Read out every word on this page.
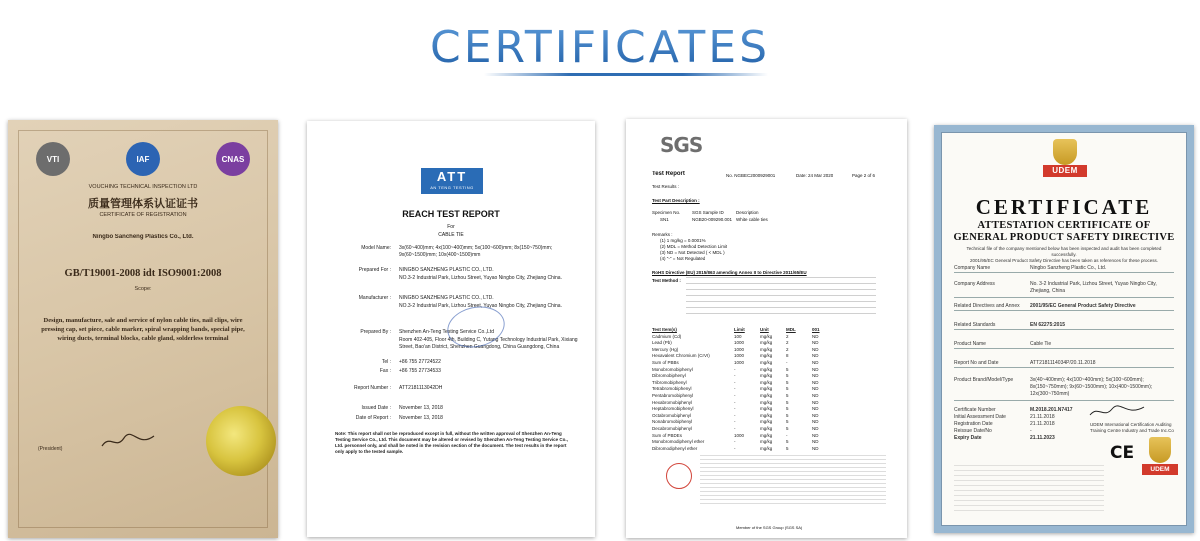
CERTIFICATES
VTI	IAF	CNAS
VOUCHING TECHNICAL INSPECTION LTD
质量管理体系认证证书
CERTIFICATE OF REGISTRATION
Ningbo Sancheng Plastics Co., Ltd.
GB/T19001-2008 idt ISO9001:2008
Scope:
Design, manufacture, sale and service of nylon cable ties, nail clips, wire pressing cap, set piece, cable marker, spiral wrapping bands, special pipe, wiring ducts, terminal blocks, cable gland, solderless terminal
(President)
ATT
AN TENG TESTING
REACH TEST REPORT
For
CABLE TIE
Model Name:	3x(60~400)mm; 4x(100~400)mm; 5x(100~600)mm; 8x(150~750)mm; 9x(60~1500)mm; 10x(400~1500)mm
Prepared For :	NINGBO SANZHENG PLASTIC CO., LTD.
NO.3-2 Industrial Park, Lizhou Street, Yuyao Ningbo City, Zhejiang China.
Manufacturer :	NINGBO SANZHENG PLASTIC CO., LTD.
NO.3-2 Industrial Park, Lizhou Street, Yuyao Ningbo City, Zhejiang China.
Prepared By :	Shenzhen An-Teng Testing Service Co.,Ltd
Room 402-405, Floor 4th, Building C, Yutang Technology Industrial Park, Xixiang Street, Bao'an District, Shenzhen Guangdong, China Guangdong, China
Tel :	+86 755 27724522
Fax :	+86 755 27734533
Report Number :	ATT2181113042DH
Issued Date :	November 13, 2018
Date of Report :	November 13, 2018
Note: This report shall not be reproduced except in full, without the written approval of Shenzhen An-Teng Testing Service Co., Ltd. This document may be altered or revised by Shenzhen An-Teng Testing Service Co., Ltd. personnel only, and shall be noted in the revision section of the document. The test results in the report only apply to the tested sample.
SGS
Test Report	No. NGBEC2000929001	Date: 24 Mar 2020	Page 2 of 6
Test Results :
Test Part Description :
Specimen No.	SGS Sample ID	Description
SN1	NGB20-009290.001 White cable ties
Remarks :
(1) 1 mg/kg = 0.0001%
(2) MDL = Method Detection Limit
(3) ND = Not Detected ( < MDL )
(4) "-" = Not Regulated
RoHS Directive (EU) 2015/863 amending Annex II to Directive 2011/65/EU
Test Method :
Test Item(s)	Limit	Unit	MDL	001
Cadmium (Cd)	100	mg/kg	2	ND
Lead (Pb)	1000	mg/kg	2	ND
Mercury (Hg)	1000	mg/kg	2	ND
Hexavalent Chromium (CrVI)	1000	mg/kg	8	ND
Sum of PBBs	1000	mg/kg	-	ND
Monobromobiphenyl	-	mg/kg	5	ND
Dibromobiphenyl	-	mg/kg	5	ND
Tribromobiphenyl	-	mg/kg	5	ND
Tetrabromobiphenyl	-	mg/kg	5	ND
Pentabromobiphenyl	-	mg/kg	5	ND
Hexabromobiphenyl	-	mg/kg	5	ND
Heptabromobiphenyl	-	mg/kg	5	ND
Octabromobiphenyl	-	mg/kg	5	ND
Nonabromobiphenyl	-	mg/kg	5	ND
Decabromobiphenyl	-	mg/kg	5	ND
Sum of PBDEs	1000	mg/kg	-	ND
Monobromodiphenyl ether	-	mg/kg	5	ND
Dibromodiphenyl ether	-	mg/kg	5	ND
Member of the SGS Group (SGS SA)
UDEM
CERTIFICATE
ATTESTATION CERTIFICATE OF
GENERAL PRODUCT SAFETY DIRECTIVE
Technical file of the company mentioned below has been inspected and audit has been completed successfully.
2001/95/EC General Product Safety Directive has been taken as references for these process.
Company Name	Ningbo Sanzheng Plastic Co., Ltd.
Company Address	No. 3-2 Industrial Park, Lizhou Street, Yuyao Ningbo City, Zhejiang, China
Related Directives and Annex	2001/95/EC General Product Safety Directive
Related Standards	EN 62275:2015
Product Name	Cable Tie
Report No and Date	ATT2181114034P/20.11.2018
Product Brand/Model/Type	3x(40~400mm); 4x(100~400mm); 5x(100~600mm); 8x(150~750mm); 9x(60~1500mm); 10x(400~1500mm); 12x(300~750mm)
Certificate Number	M.2018.201.N7417
Initial Assessment Date	21.11.2018
Registration Date	21.11.2018
Reissue Date/No	-
Expiry Date	21.11.2023
UDEM International Certification Auditing Training Centre Industry and Trade Inc.Co
CE
UDEM
